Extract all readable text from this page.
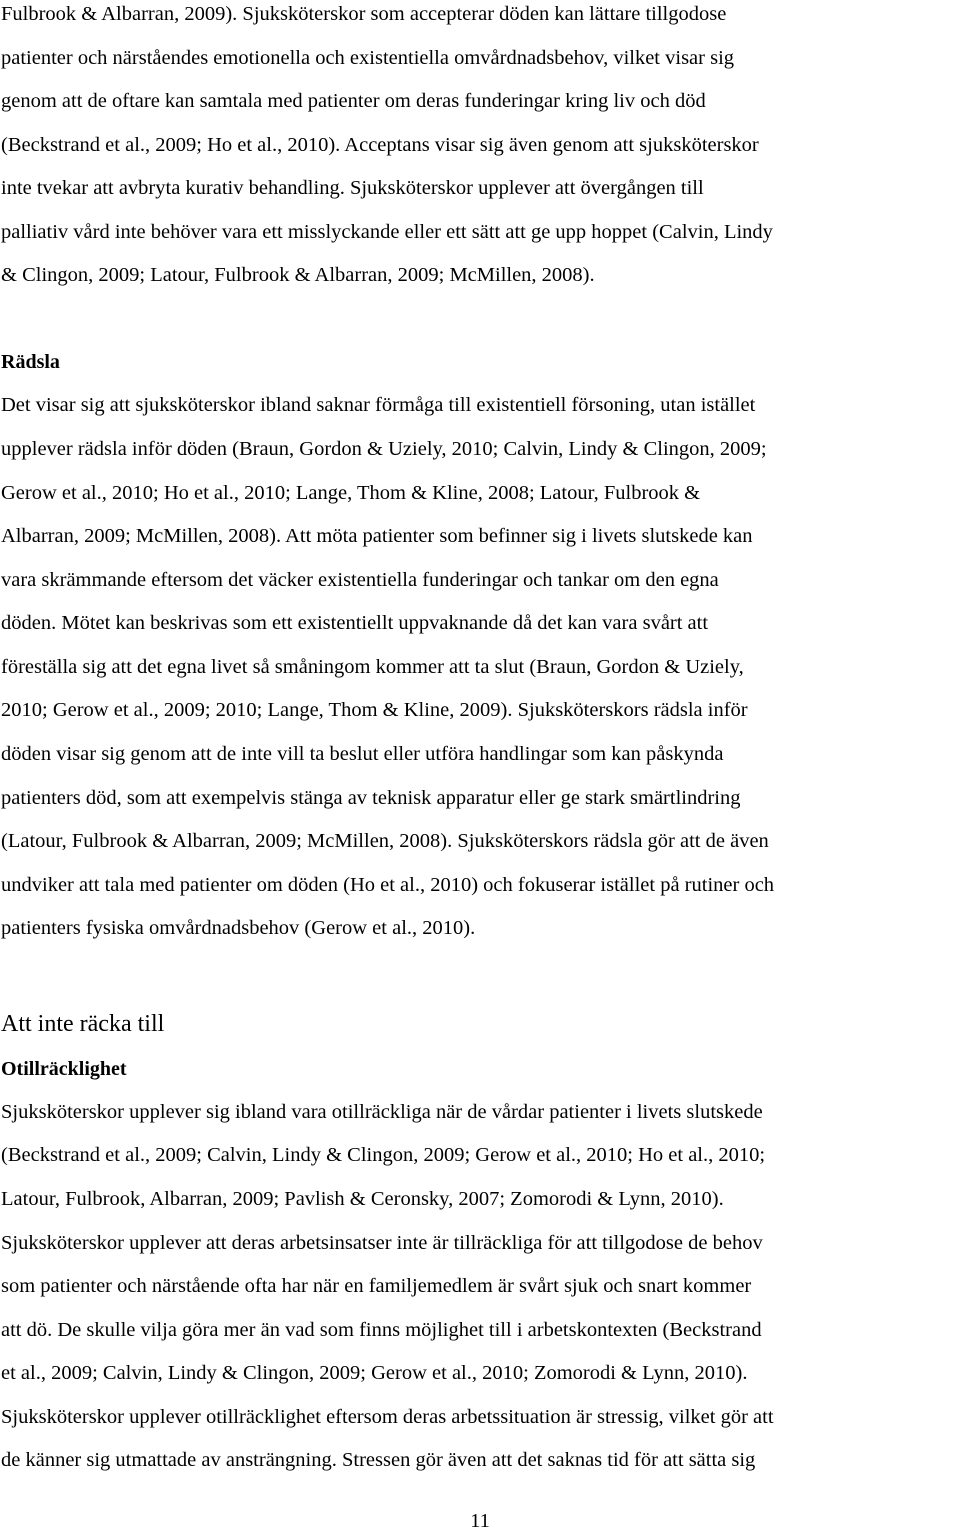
Fulbrook & Albarran, 2009). Sjuksköterskor som accepterar döden kan lättare tillgodose
patienter och närståendes emotionella och existentiella omvårdnadsbehov, vilket visar sig
genom att de oftare kan samtala med patienter om deras funderingar kring liv och död
(Beckstrand et al., 2009; Ho et al., 2010). Acceptans visar sig även genom att sjuksköterskor
inte tvekar att avbryta kurativ behandling. Sjuksköterskor upplever att övergången till
palliativ vård inte behöver vara ett misslyckande eller ett sätt att ge upp hoppet (Calvin, Lindy
& Clingon, 2009; Latour, Fulbrook & Albarran, 2009; McMillen, 2008).
Rädsla
Det visar sig att sjuksköterskor ibland saknar förmåga till existentiell försoning, utan istället
upplever rädsla inför döden (Braun, Gordon & Uziely, 2010; Calvin, Lindy & Clingon, 2009;
Gerow et al., 2010; Ho et al., 2010; Lange, Thom & Kline, 2008; Latour, Fulbrook &
Albarran, 2009; McMillen, 2008). Att möta patienter som befinner sig i livets slutskede kan
vara skrämmande eftersom det väcker existentiella funderingar och tankar om den egna
döden. Mötet kan beskrivas som ett existentiellt uppvaknande då det kan vara svårt att
föreställa sig att det egna livet så småningom kommer att ta slut (Braun, Gordon & Uziely,
2010; Gerow et al., 2009; 2010; Lange, Thom & Kline, 2009). Sjuksköterskors rädsla inför
döden visar sig genom att de inte vill ta beslut eller utföra handlingar som kan påskynda
patienters död, som att exempelvis stänga av teknisk apparatur eller ge stark smärtlindring
(Latour, Fulbrook & Albarran, 2009; McMillen, 2008). Sjuksköterskors rädsla gör att de även
undviker att tala med patienter om döden (Ho et al., 2010) och fokuserar istället på rutiner och
patienters fysiska omvårdnadsbehov (Gerow et al., 2010).
Att inte räcka till
Otillräcklighet
Sjuksköterskor upplever sig ibland vara otillräckliga när de vårdar patienter i livets slutskede
(Beckstrand et al., 2009; Calvin, Lindy & Clingon, 2009; Gerow et al., 2010; Ho et al., 2010;
Latour, Fulbrook, Albarran, 2009; Pavlish & Ceronsky, 2007; Zomorodi & Lynn, 2010).
Sjuksköterskor upplever att deras arbetsinsatser inte är tillräckliga för att tillgodose de behov
som patienter och närstående ofta har när en familjemedlem är svårt sjuk och snart kommer
att dö. De skulle vilja göra mer än vad som finns möjlighet till i arbetskontexten (Beckstrand
et al., 2009; Calvin, Lindy & Clingon, 2009; Gerow et al., 2010; Zomorodi & Lynn, 2010).
Sjuksköterskor upplever otillräcklighet eftersom deras arbetssituation är stressig, vilket gör att
de känner sig utmattade av ansträngning. Stressen gör även att det saknas tid för att sätta sig
11
